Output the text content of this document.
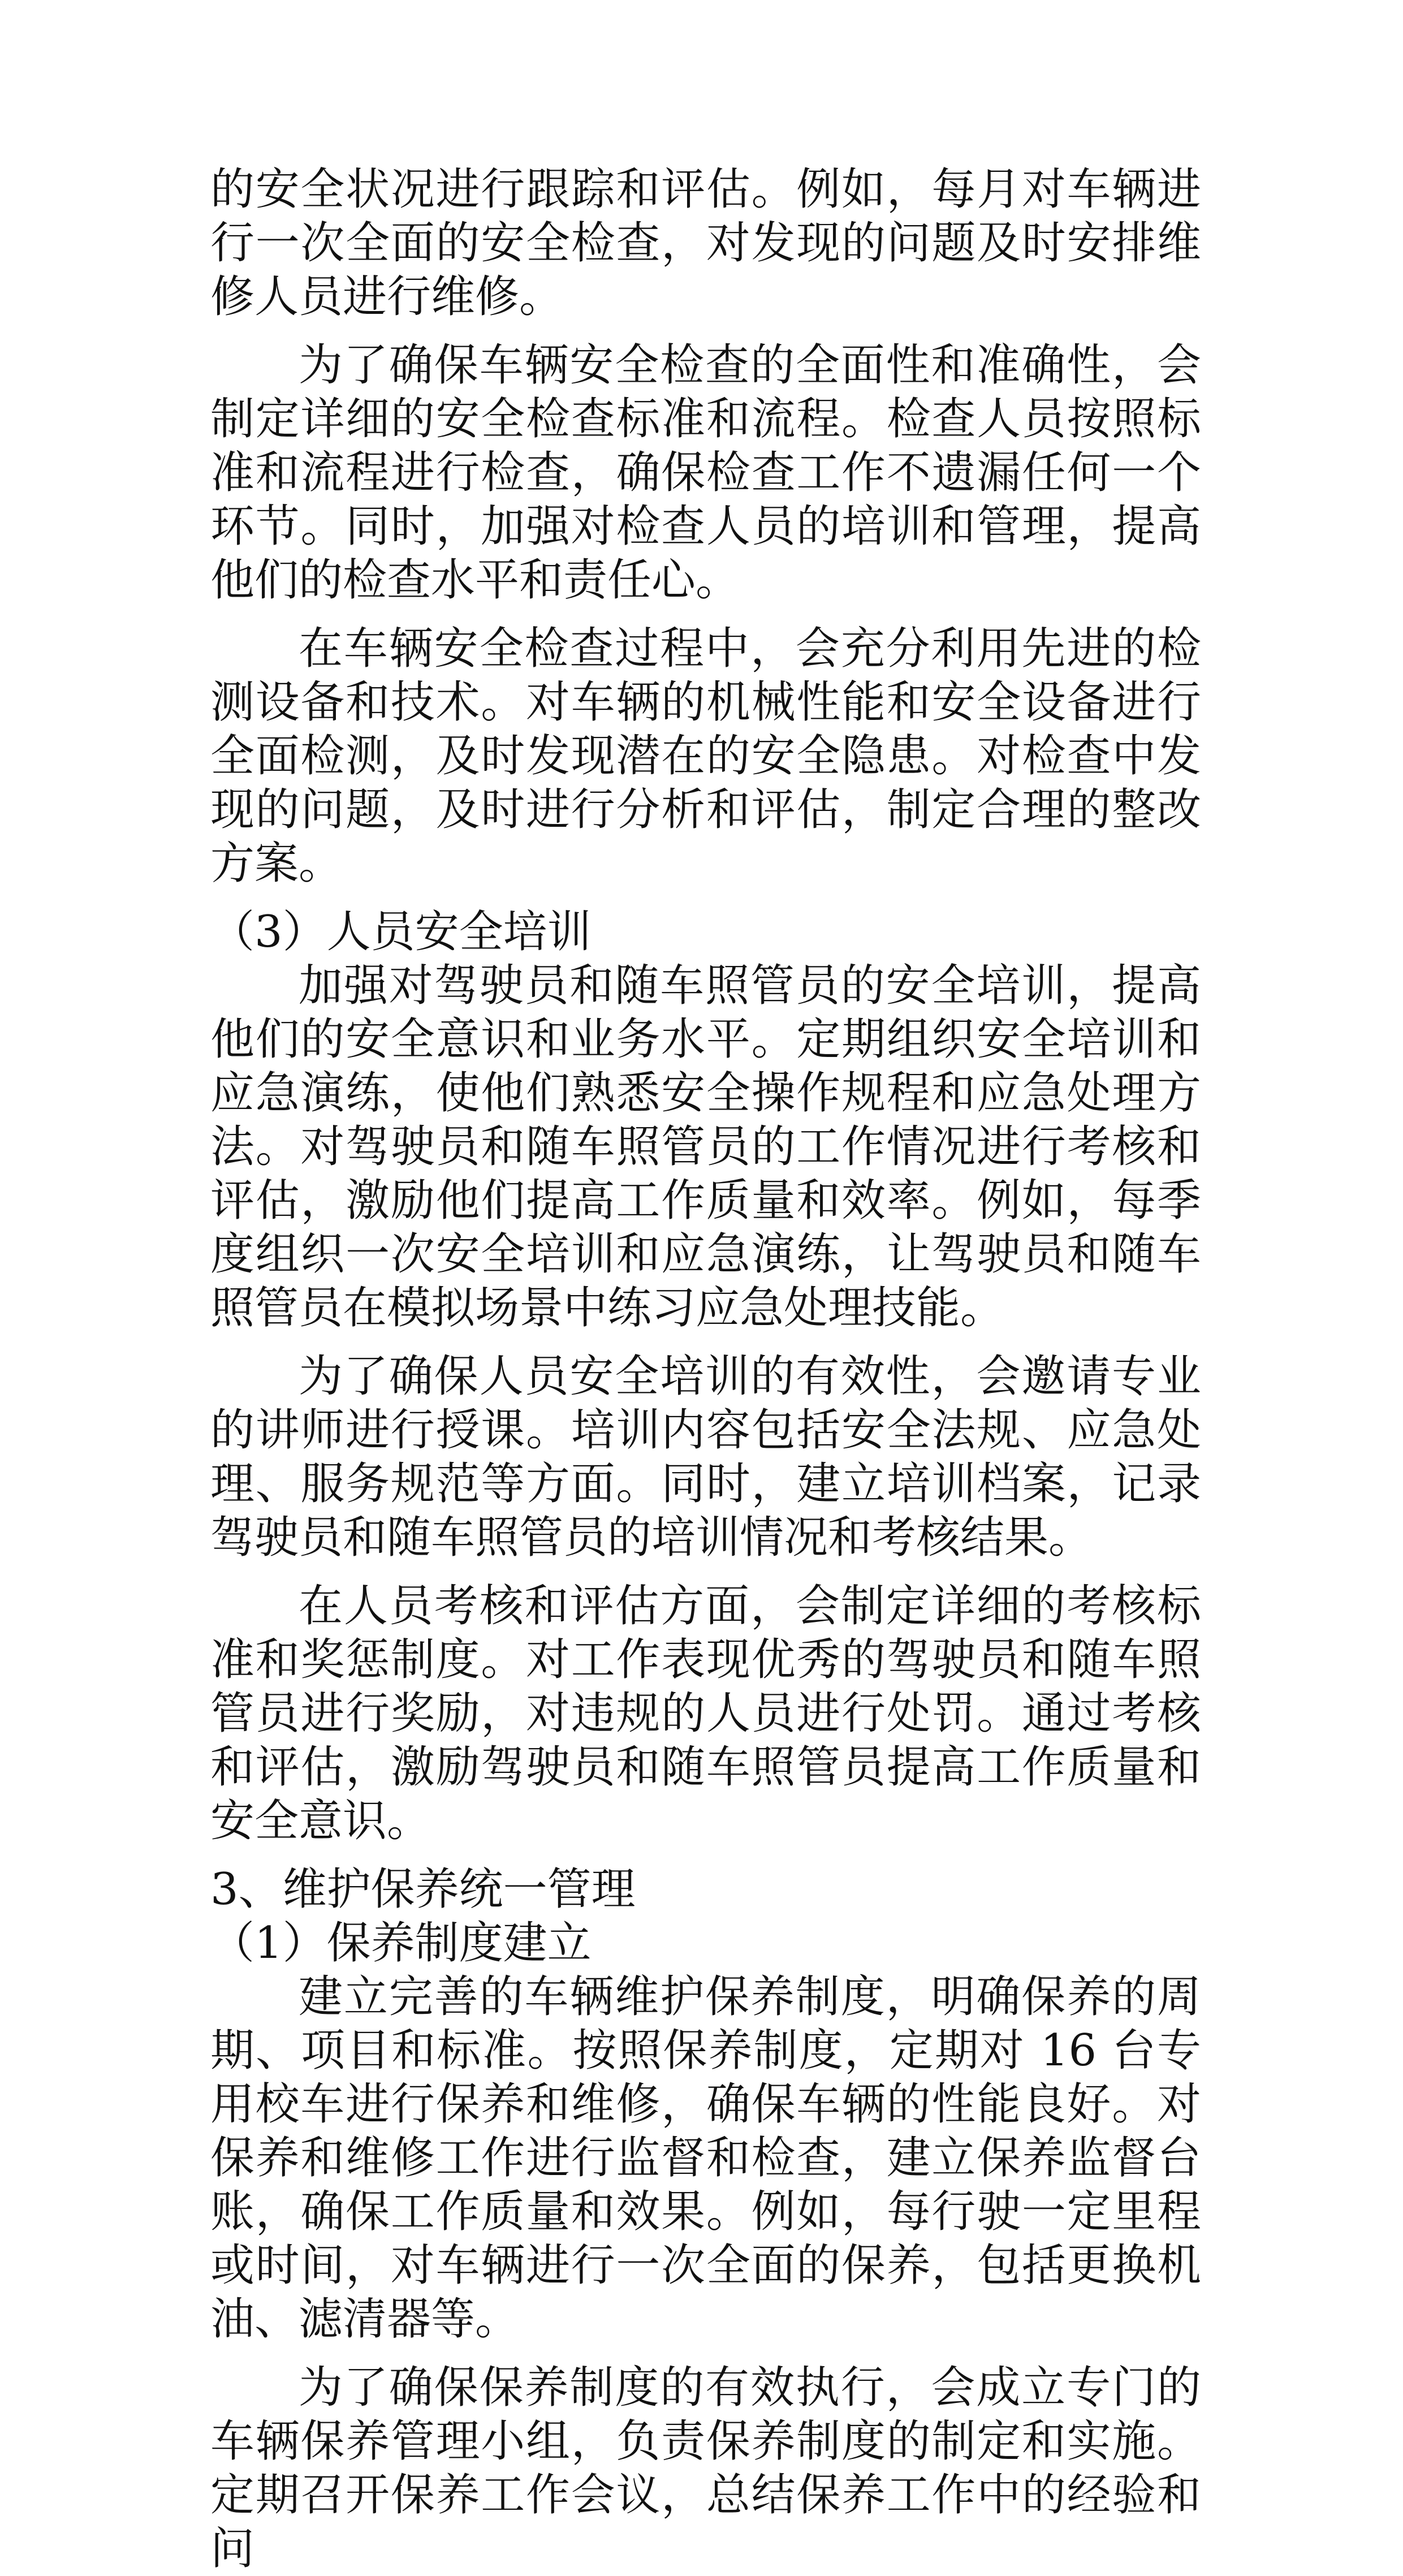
的安全状况进行跟踪和评估。例如，每月对车辆进行一次全面的安全检查，对发现的问题及时安排维修人员进行维修。

为了确保车辆安全检查的全面性和准确性，会制定详细的安全检查标准和流程。检查人员按照标准和流程进行检查，确保检查工作不遗漏任何一个环节。同时，加强对检查人员的培训和管理，提高他们的检查水平和责任心。

在车辆安全检查过程中，会充分利用先进的检测设备和技术。对车辆的机械性能和安全设备进行全面检测，及时发现潜在的安全隐患。对检查中发现的问题，及时进行分析和评估，制定合理的整改方案。

（3）人员安全培训

加强对驾驶员和随车照管员的安全培训，提高他们的安全意识和业务水平。定期组织安全培训和应急演练，使他们熟悉安全操作规程和应急处理方法。对驾驶员和随车照管员的工作情况进行考核和评估，激励他们提高工作质量和效率。例如，每季度组织一次安全培训和应急演练，让驾驶员和随车照管员在模拟场景中练习应急处理技能。

为了确保人员安全培训的有效性，会邀请专业的讲师进行授课。培训内容包括安全法规、应急处理、服务规范等方面。同时，建立培训档案，记录驾驶员和随车照管员的培训情况和考核结果。

在人员考核和评估方面，会制定详细的考核标准和奖惩制度。对工作表现优秀的驾驶员和随车照管员进行奖励，对违规的人员进行处罚。通过考核和评估，激励驾驶员和随车照管员提高工作质量和安全意识。

3、维护保养统一管理

（1）保养制度建立

建立完善的车辆维护保养制度，明确保养的周期、项目和标准。按照保养制度，定期对 16 台专用校车进行保养和维修，确保车辆的性能良好。对保养和维修工作进行监督和检查，建立保养监督台账，确保工作质量和效果。例如，每行驶一定里程或时间，对车辆进行一次全面的保养，包括更换机油、滤清器等。

为了确保保养制度的有效执行，会成立专门的车辆保养管理小组，负责保养制度的制定和实施。定期召开保养工作会议，总结保养工作中的经验和问
